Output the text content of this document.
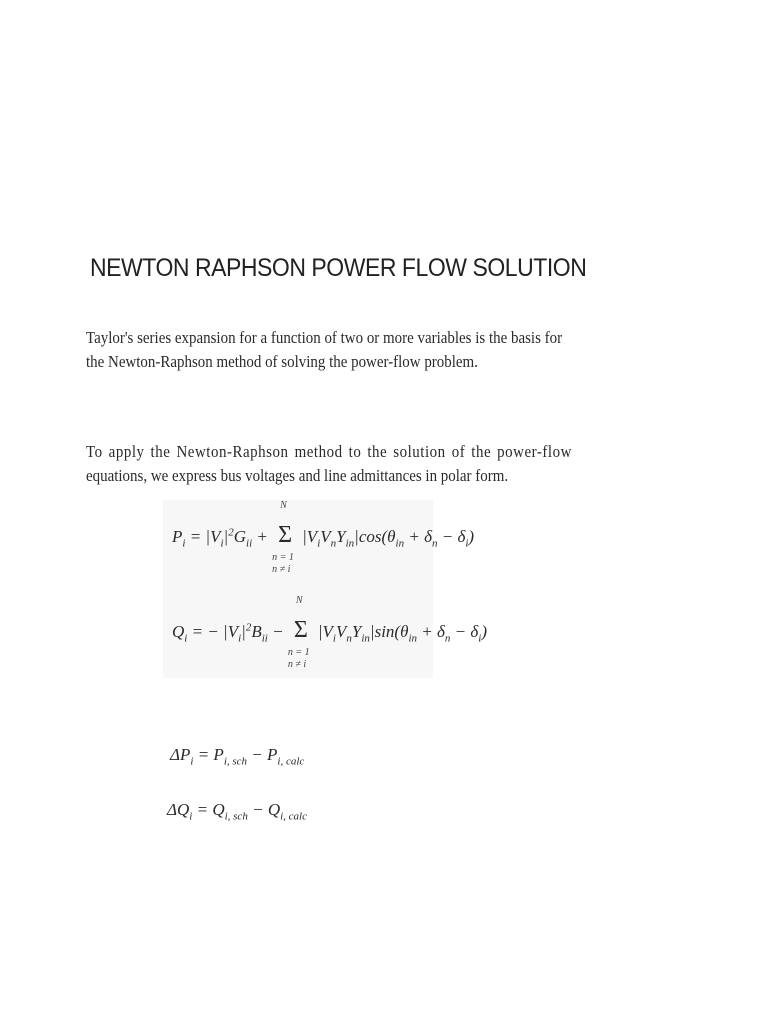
NEWTON RAPHSON POWER FLOW SOLUTION
Taylor's series expansion for a function of two or more variables is the basis for
the Newton-Raphson method of solving the power-flow problem.
To apply the Newton-Raphson method to the solution of the power-flow
equations, we express bus voltages and line admittances in polar form.
$P_i = |V_i|^2G_{ii}$ +
N
Σ
n = 1
n ≠ i
$|V_iV_nY_{in}|\cos(\theta_{in} + \delta_n - \delta_i)$
$Q_i$ = − $|V_i|^2B_{ii}$ −
N
Σ
n = 1
n ≠ i
$|V_iV_nY_{in}|\sin(\theta_{in} + \delta_n - \delta_i)$
$\Delta P_i = P_{i, sch} - P_{i, calc}$
$\Delta Q_i = Q_{i, sch} - Q_{i, calc}$
